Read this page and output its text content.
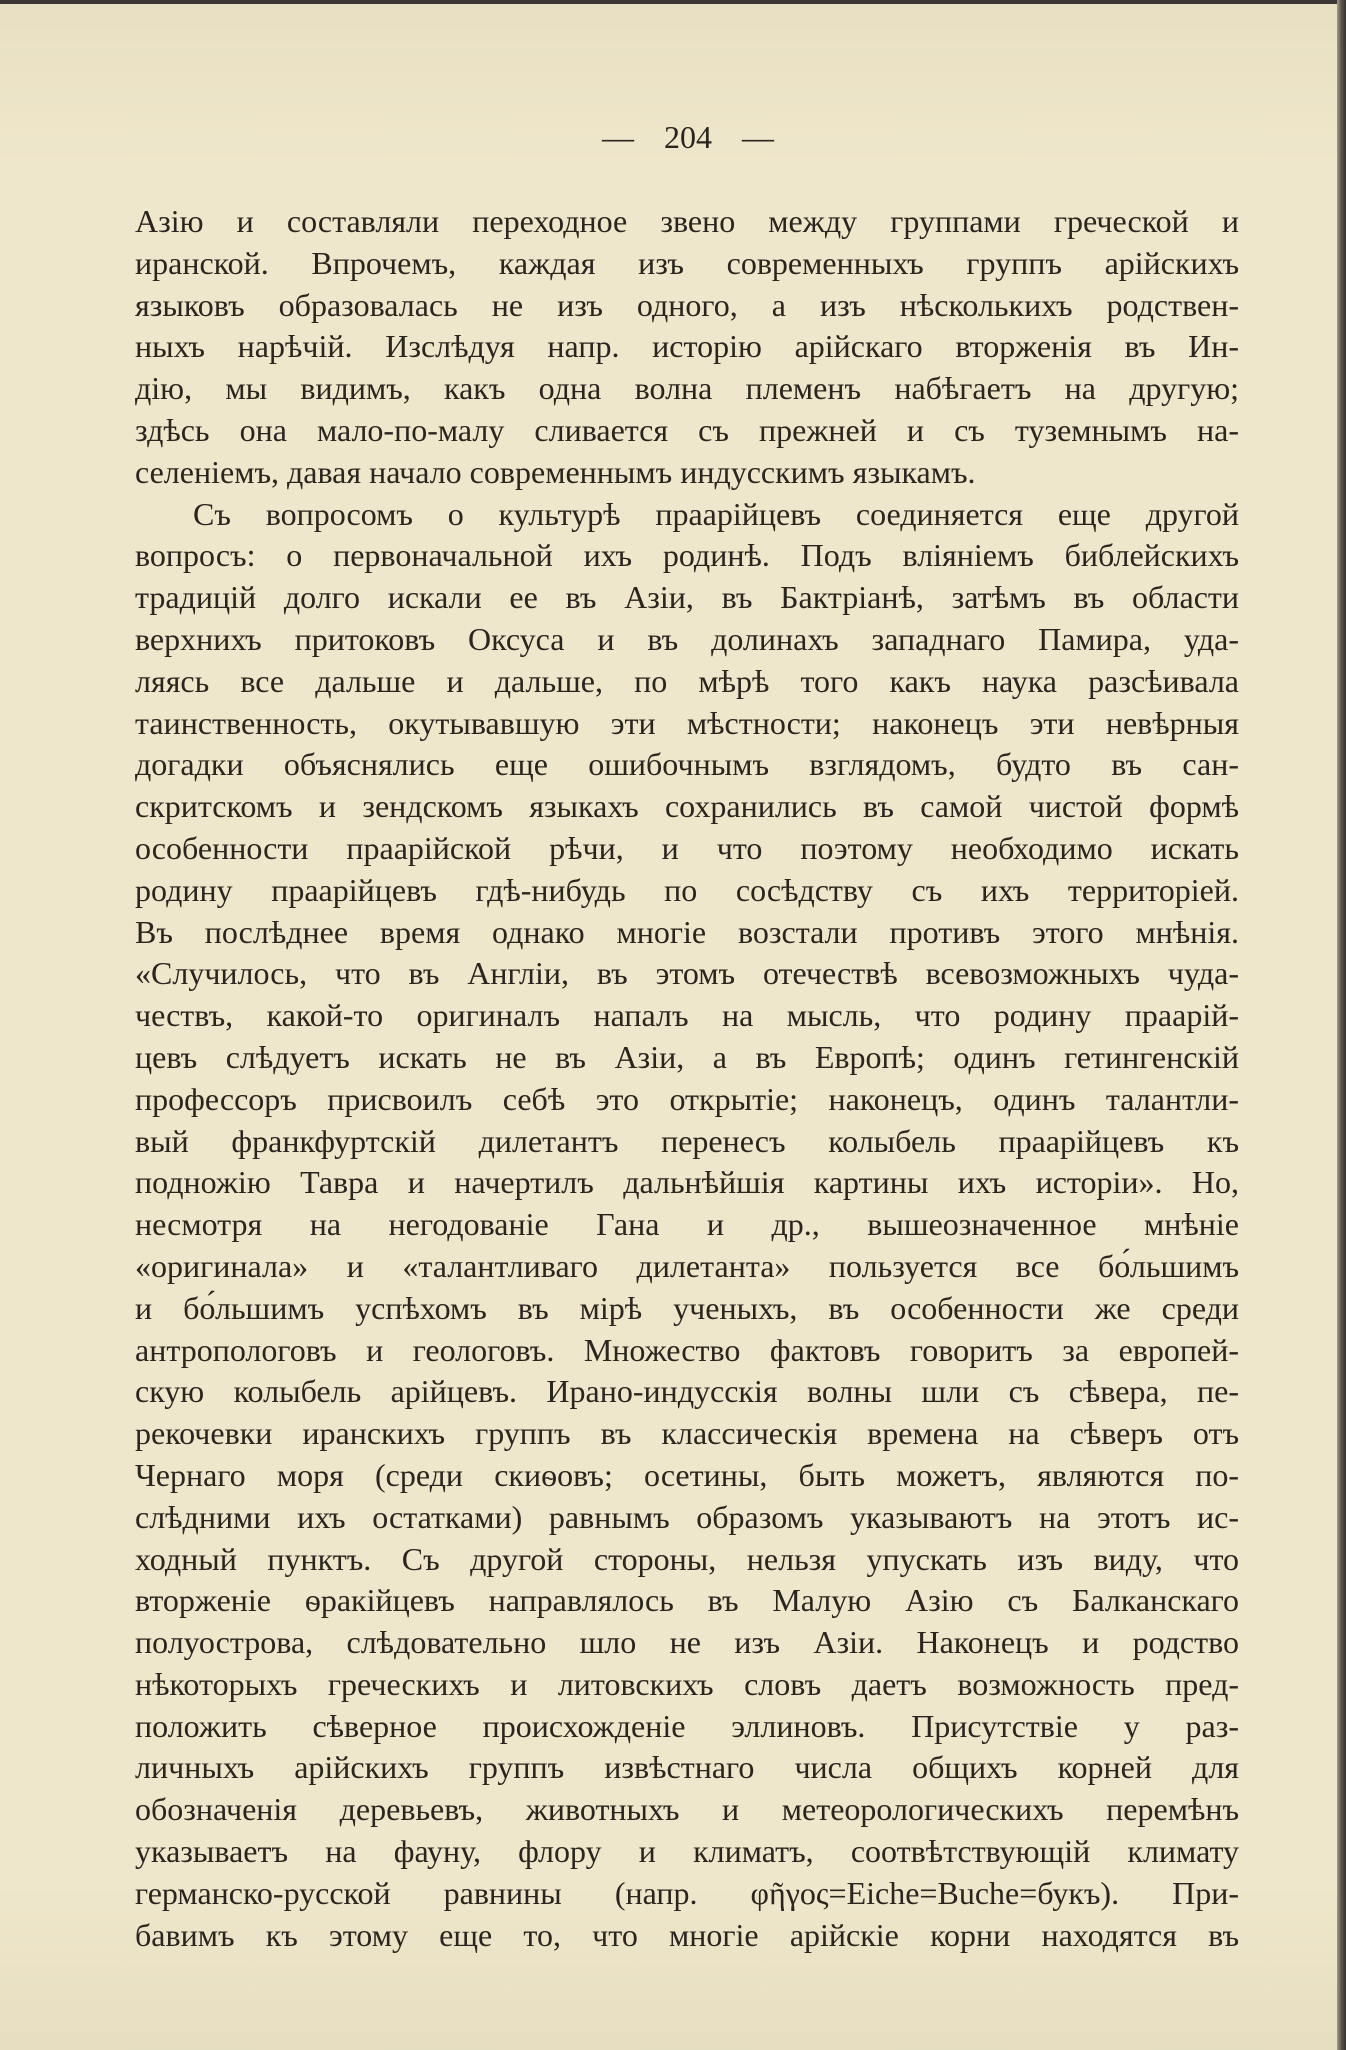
— 204 —
Азію и составляли переходное звено между группами греческой и
иранской. Впрочемъ, каждая изъ современныхъ группъ арійскихъ
языковъ образовалась не изъ одного, а изъ нѣсколькихъ родствен-
ныхъ нарѣчій. Изслѣдуя напр. исторію арійскаго вторженія въ Ин-
дію, мы видимъ, какъ одна волна племенъ набѣгаетъ на другую;
здѣсь она мало-по-малу сливается съ прежней и съ туземнымъ на-
селеніемъ, давая начало современнымъ индусскимъ языкамъ.
Съ вопросомъ о культурѣ праарійцевъ соединяется еще другой
вопросъ: о первоначальной ихъ родинѣ. Подъ вліяніемъ библейскихъ
традицій долго искали ее въ Азіи, въ Бактріанѣ, затѣмъ въ области
верхнихъ притоковъ Оксуса и въ долинахъ западнаго Памира, уда-
ляясь все дальше и дальше, по мѣрѣ того какъ наука разсѣивала
таинственность, окутывавшую эти мѣстности; наконецъ эти невѣрныя
догадки объяснялись еще ошибочнымъ взглядомъ, будто въ сан-
скритскомъ и зендскомъ языкахъ сохранились въ самой чистой формѣ
особенности праарійской рѣчи, и что поэтому необходимо искать
родину праарійцевъ гдѣ-нибудь по сосѣдству съ ихъ территоріей.
Въ послѣднее время однако многіе возстали противъ этого мнѣнія.
«Случилось, что въ Англіи, въ этомъ отечествѣ всевозможныхъ чуда-
чествъ, какой-то оригиналъ напалъ на мысль, что родину праарій-
цевъ слѣдуетъ искать не въ Азіи, а въ Европѣ; одинъ гетингенскій
профессоръ присвоилъ себѣ это открытіе; наконецъ, одинъ талантли-
вый франкфуртскій дилетантъ перенесъ колыбель праарійцевъ къ
подножію Тавра и начертилъ дальнѣйшія картины ихъ исторіи». Но,
несмотря на негодованіе Гана и др., вышеозначенное мнѣніе
«оригинала» и «талантливаго дилетанта» пользуется все бо́льшимъ
и бо́льшимъ успѣхомъ въ мірѣ ученыхъ, въ особенности же среди
антропологовъ и геологовъ. Множество фактовъ говоритъ за европей-
скую колыбель арійцевъ. Ирано-индусскія волны шли съ сѣвера, пе-
рекочевки иранскихъ группъ въ классическія времена на сѣверъ отъ
Чернаго моря (среди скиѳовъ; осетины, быть можетъ, являются по-
слѣдними ихъ остатками) равнымъ образомъ указываютъ на этотъ ис-
ходный пунктъ. Съ другой стороны, нельзя упускать изъ виду, что
вторженіе ѳракійцевъ направлялось въ Малую Азію съ Балканскаго
полуострова, слѣдовательно шло не изъ Азіи. Наконецъ и родство
нѣкоторыхъ греческихъ и литовскихъ словъ даетъ возможность пред-
положить сѣверное происхожденіе эллиновъ. Присутствіе у раз-
личныхъ арійскихъ группъ извѣстнаго числа общихъ корней для
обозначенія деревьевъ, животныхъ и метеорологическихъ перемѣнъ
указываетъ на фауну, флору и климатъ, соотвѣтствующій климату
германско-русской равнины (напр. φῆγος=Eiche=Buche=букъ). При-
бавимъ къ этому еще то, что многіе арійскіе корни находятся въ
